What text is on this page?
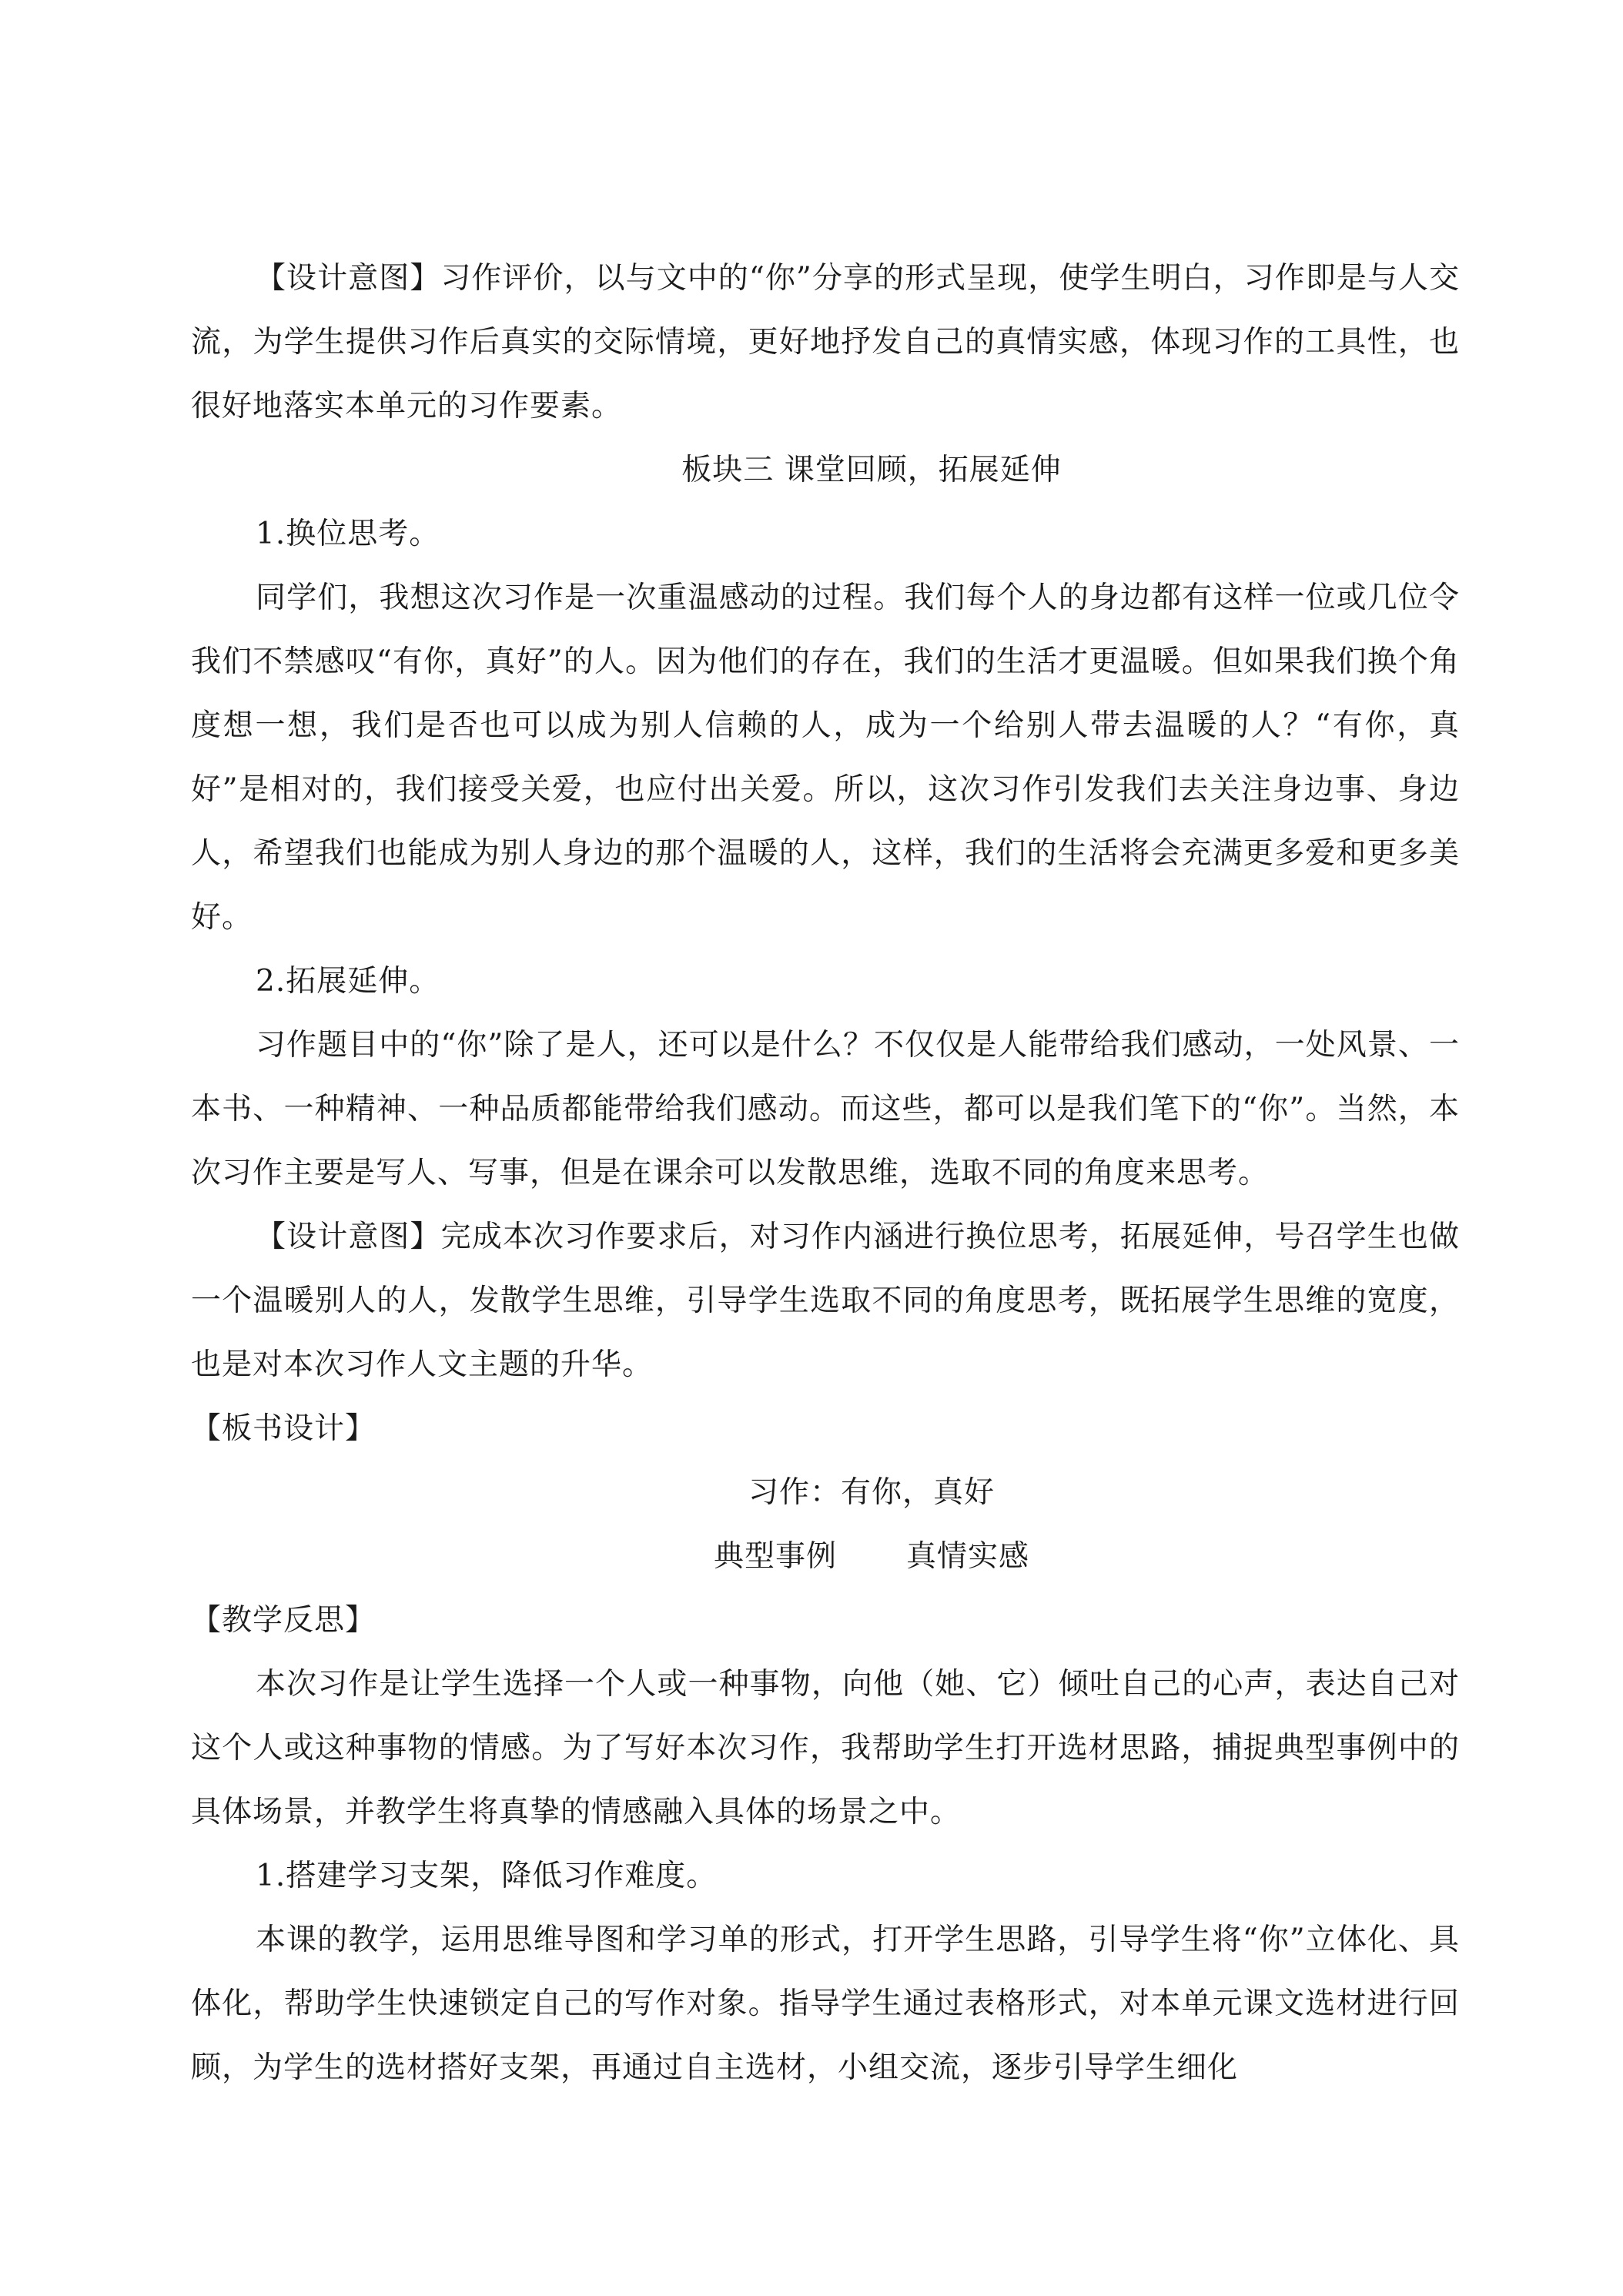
【设计意图】习作评价，以与文中的“你”分享的形式呈现，使学生明白，习作即是与人交流，为学生提供习作后真实的交际情境，更好地抒发自己的真情实感，体现习作的工具性，也很好地落实本单元的习作要素。

板块三 课堂回顾，拓展延伸

1.换位思考。

同学们，我想这次习作是一次重温感动的过程。我们每个人的身边都有这样一位或几位令我们不禁感叹“有你，真好”的人。因为他们的存在，我们的生活才更温暖。但如果我们换个角度想一想，我们是否也可以成为别人信赖的人，成为一个给别人带去温暖的人？“有你，真好”是相对的，我们接受关爱，也应付出关爱。所以，这次习作引发我们去关注身边事、身边人，希望我们也能成为别人身边的那个温暖的人，这样，我们的生活将会充满更多爱和更多美好。

2.拓展延伸。

习作题目中的“你”除了是人，还可以是什么？不仅仅是人能带给我们感动，一处风景、一本书、一种精神、一种品质都能带给我们感动。而这些，都可以是我们笔下的“你”。当然，本次习作主要是写人、写事，但是在课余可以发散思维，选取不同的角度来思考。

【设计意图】完成本次习作要求后，对习作内涵进行换位思考，拓展延伸，号召学生也做一个温暖别人的人，发散学生思维，引导学生选取不同的角度思考，既拓展学生思维的宽度，也是对本次习作人文主题的升华。

【板书设计】

习作：有你，真好

典型事例 真情实感

【教学反思】

本次习作是让学生选择一个人或一种事物，向他（她、它）倾吐自己的心声，表达自己对这个人或这种事物的情感。为了写好本次习作，我帮助学生打开选材思路，捕捉典型事例中的具体场景，并教学生将真挚的情感融入具体的场景之中。

1.搭建学习支架，降低习作难度。

本课的教学，运用思维导图和学习单的形式，打开学生思路，引导学生将“你”立体化、具体化，帮助学生快速锁定自己的写作对象。指导学生通过表格形式，对本单元课文选材进行回顾，为学生的选材搭好支架，再通过自主选材，小组交流，逐步引导学生细化
